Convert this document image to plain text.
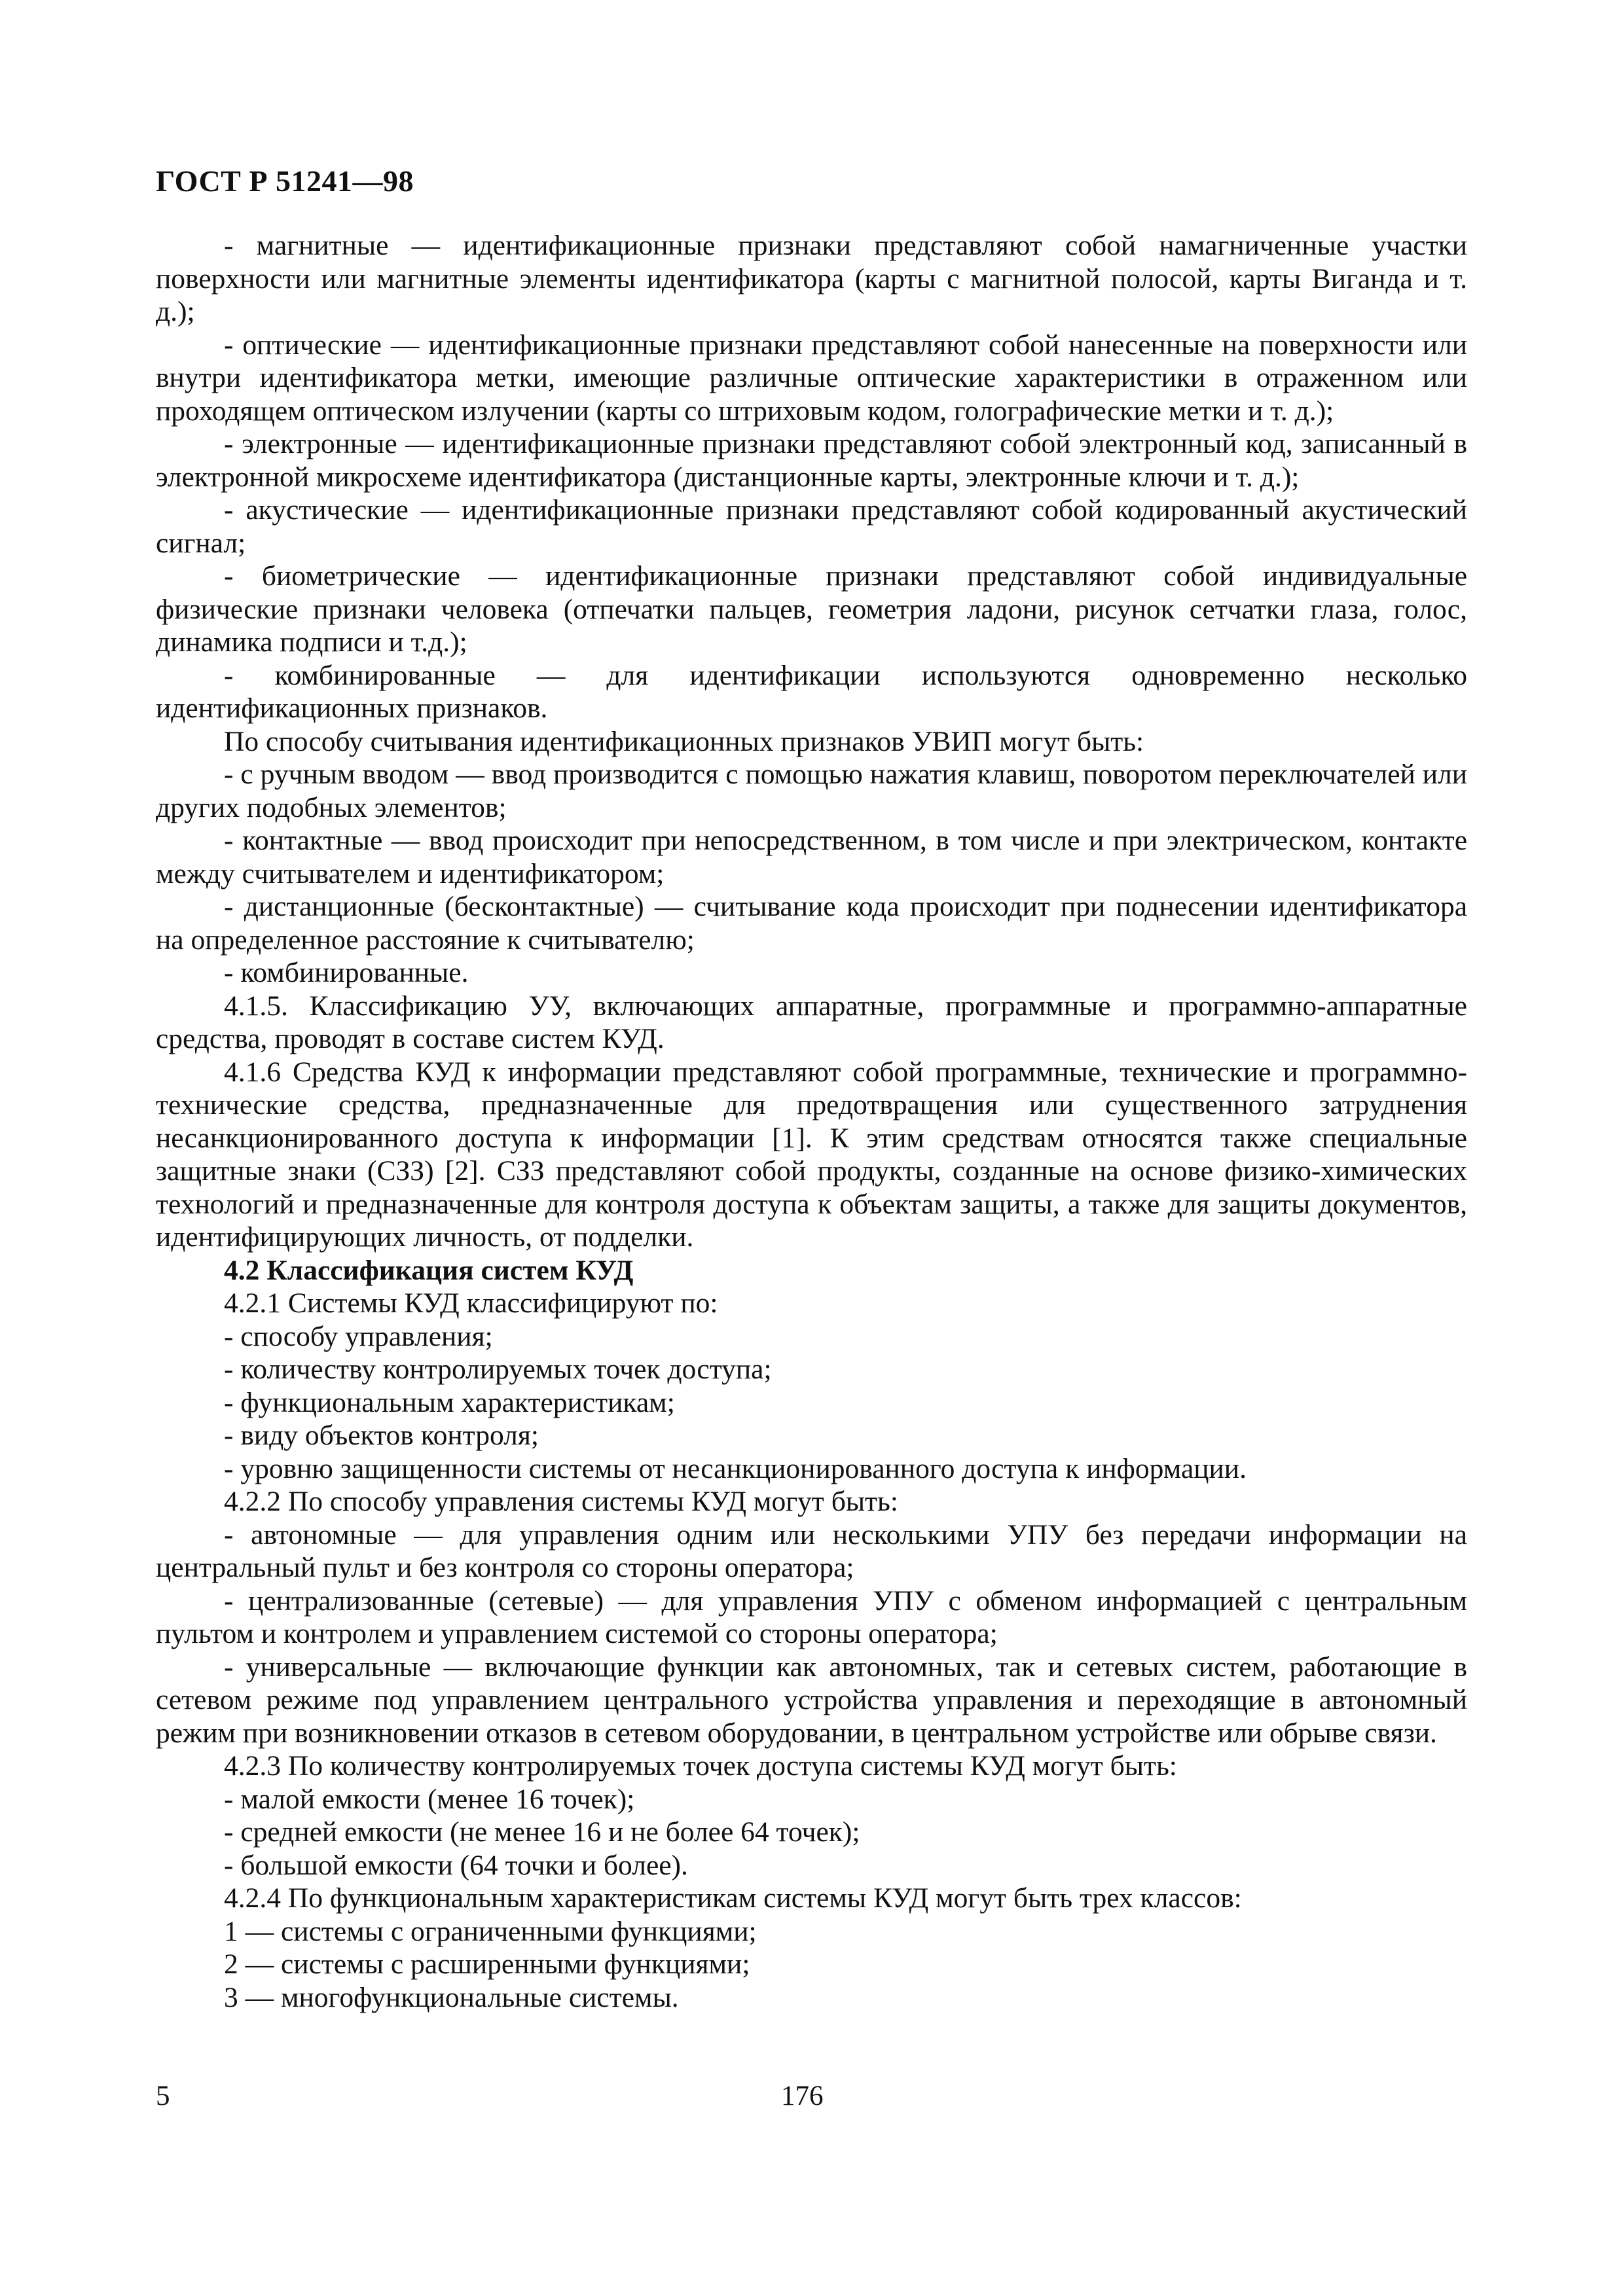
ГОСТ Р 51241—98

- магнитные — идентификационные признаки представляют собой намагниченные участки поверхности или магнитные элементы идентификатора (карты с магнитной полосой, карты Виганда и т. д.);

- оптические — идентификационные признаки представляют собой нанесенные на поверхности или внутри идентификатора метки, имеющие различные оптические характеристики в отраженном или проходящем оптическом излучении (карты со штриховым кодом, голографические метки и т. д.);

- электронные — идентификационные признаки представляют собой электронный код, записанный в электронной микросхеме идентификатора (дистанционные карты, электронные ключи и т. д.);

- акустические — идентификационные признаки представляют собой кодированный акустический сигнал;

- биометрические — идентификационные признаки представляют собой индивидуальные физические признаки человека (отпечатки пальцев, геометрия ладони, рисунок сетчатки глаза, голос, динамика подписи и т.д.);

- комбинированные — для идентификации используются одновременно несколько идентификационных признаков.

По способу считывания идентификационных признаков УВИП могут быть:

- с ручным вводом — ввод производится с помощью нажатия клавиш, поворотом переключателей или других подобных элементов;

- контактные — ввод происходит при непосредственном, в том числе и при электрическом, контакте между считывателем и идентификатором;

- дистанционные (бесконтактные) — считывание кода происходит при поднесении идентификатора на определенное расстояние к считывателю;

- комбинированные.

4.1.5. Классификацию УУ, включающих аппаратные, программные и программно-аппаратные средства, проводят в составе систем КУД.

4.1.6 Средства КУД к информации представляют собой программные, технические и программно-технические средства, предназначенные для предотвращения или существенного затруднения несанкционированного доступа к информации [1]. К этим средствам относятся также специальные защитные знаки (СЗЗ) [2]. СЗЗ представляют собой продукты, созданные на основе физико-химических технологий и предназначенные для контроля доступа к объектам защиты, а также для защиты документов, идентифицирующих личность, от подделки.

4.2 Классификация систем КУД

4.2.1 Системы КУД классифицируют по:

- способу управления;

- количеству контролируемых точек доступа;

- функциональным характеристикам;

- виду объектов контроля;

- уровню защищенности системы от несанкционированного доступа к информации.

4.2.2 По способу управления системы КУД могут быть:

- автономные — для управления одним или несколькими УПУ без передачи информации на центральный пульт и без контроля со стороны оператора;

- централизованные (сетевые) — для управления УПУ с обменом информацией с центральным пультом и контролем и управлением системой со стороны оператора;

- универсальные — включающие функции как автономных, так и сетевых систем, работающие в сетевом режиме под управлением центрального устройства управления и переходящие в автономный режим при возникновении отказов в сетевом оборудовании, в центральном устройстве или обрыве связи.

4.2.3 По количеству контролируемых точек доступа системы КУД могут быть:

- малой емкости (менее 16 точек);

- средней емкости (не менее 16 и не более 64 точек);

- большой емкости (64 точки и более).

4.2.4 По функциональным характеристикам системы КУД могут быть трех классов:

1 — системы с ограниченными функциями;

2 — системы с расширенными функциями;

3 — многофункциональные системы.

5	176
